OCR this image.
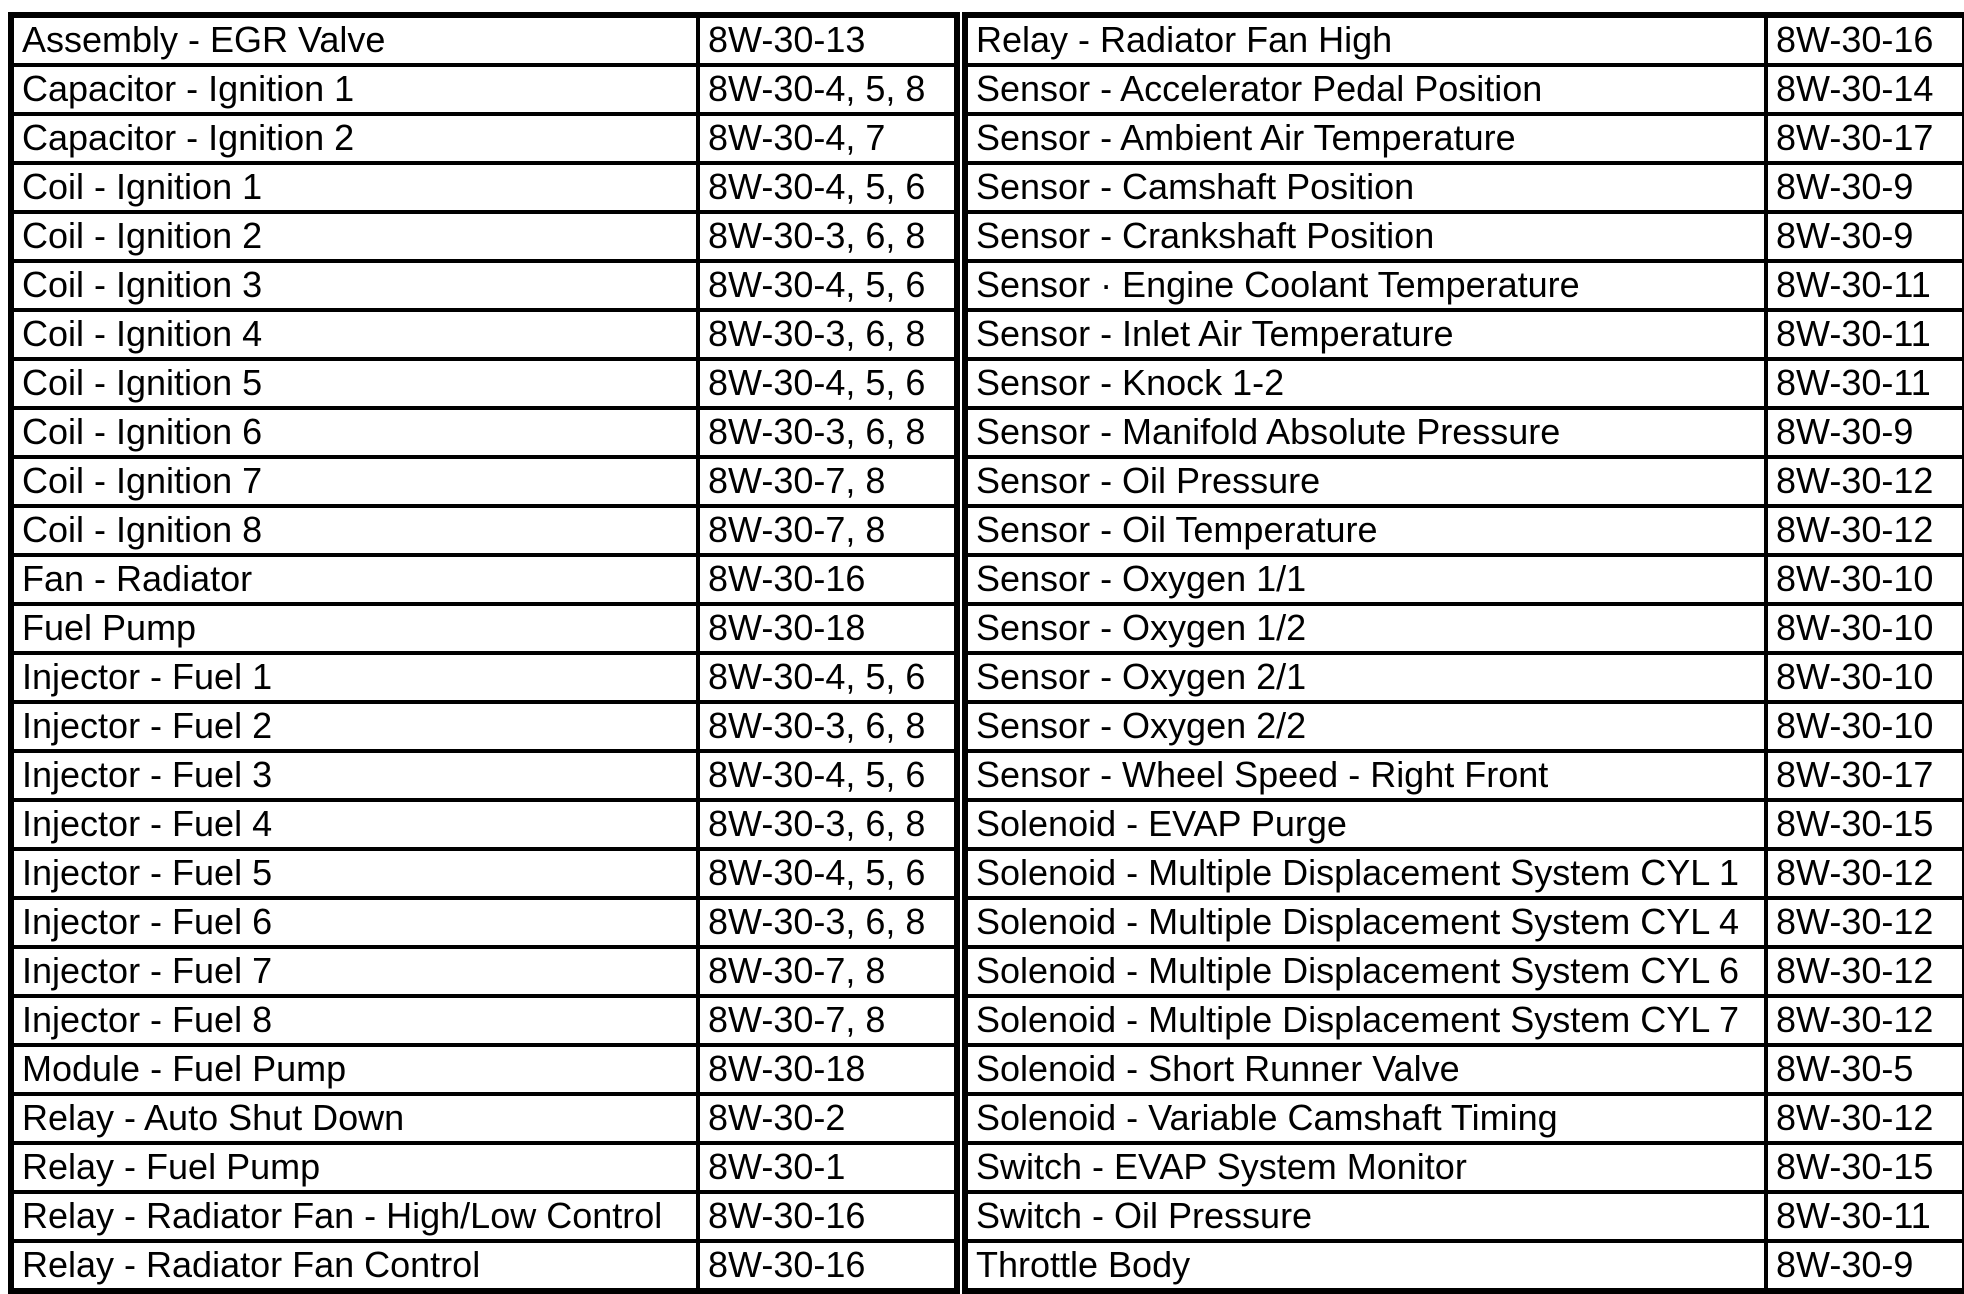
Assembly - EGR Valve	8W-30-13
Capacitor - Ignition 1	8W-30-4, 5, 8
Capacitor - Ignition 2	8W-30-4, 7
Coil - Ignition 1	8W-30-4, 5, 6
Coil - Ignition 2	8W-30-3, 6, 8
Coil - Ignition 3	8W-30-4, 5, 6
Coil - Ignition 4	8W-30-3, 6, 8
Coil - Ignition 5	8W-30-4, 5, 6
Coil - Ignition 6	8W-30-3, 6, 8
Coil - Ignition 7	8W-30-7, 8
Coil - Ignition 8	8W-30-7, 8
Fan - Radiator	8W-30-16
Fuel Pump	8W-30-18
Injector - Fuel 1	8W-30-4, 5, 6
Injector - Fuel 2	8W-30-3, 6, 8
Injector - Fuel 3	8W-30-4, 5, 6
Injector - Fuel 4	8W-30-3, 6, 8
Injector - Fuel 5	8W-30-4, 5, 6
Injector - Fuel 6	8W-30-3, 6, 8
Injector - Fuel 7	8W-30-7, 8
Injector - Fuel 8	8W-30-7, 8
Module - Fuel Pump	8W-30-18
Relay - Auto Shut Down	8W-30-2
Relay - Fuel Pump	8W-30-1
Relay - Radiator Fan - High/Low Control	8W-30-16
Relay - Radiator Fan Control	8W-30-16
Relay - Radiator Fan High	8W-30-16
Sensor - Accelerator Pedal Position	8W-30-14
Sensor - Ambient Air Temperature	8W-30-17
Sensor - Camshaft Position	8W-30-9
Sensor - Crankshaft Position	8W-30-9
Sensor · Engine Coolant Temperature	8W-30-11
Sensor - Inlet Air Temperature	8W-30-11
Sensor - Knock 1-2	8W-30-11
Sensor - Manifold Absolute Pressure	8W-30-9
Sensor - Oil Pressure	8W-30-12
Sensor - Oil Temperature	8W-30-12
Sensor - Oxygen 1/1	8W-30-10
Sensor - Oxygen 1/2	8W-30-10
Sensor - Oxygen 2/1	8W-30-10
Sensor - Oxygen 2/2	8W-30-10
Sensor - Wheel Speed - Right Front	8W-30-17
Solenoid - EVAP Purge	8W-30-15
Solenoid - Multiple Displacement System CYL 1	8W-30-12
Solenoid - Multiple Displacement System CYL 4	8W-30-12
Solenoid - Multiple Displacement System CYL 6	8W-30-12
Solenoid - Multiple Displacement System CYL 7	8W-30-12
Solenoid - Short Runner Valve	8W-30-5
Solenoid - Variable Camshaft Timing	8W-30-12
Switch - EVAP System Monitor	8W-30-15
Switch - Oil Pressure	8W-30-11
Throttle Body	8W-30-9
